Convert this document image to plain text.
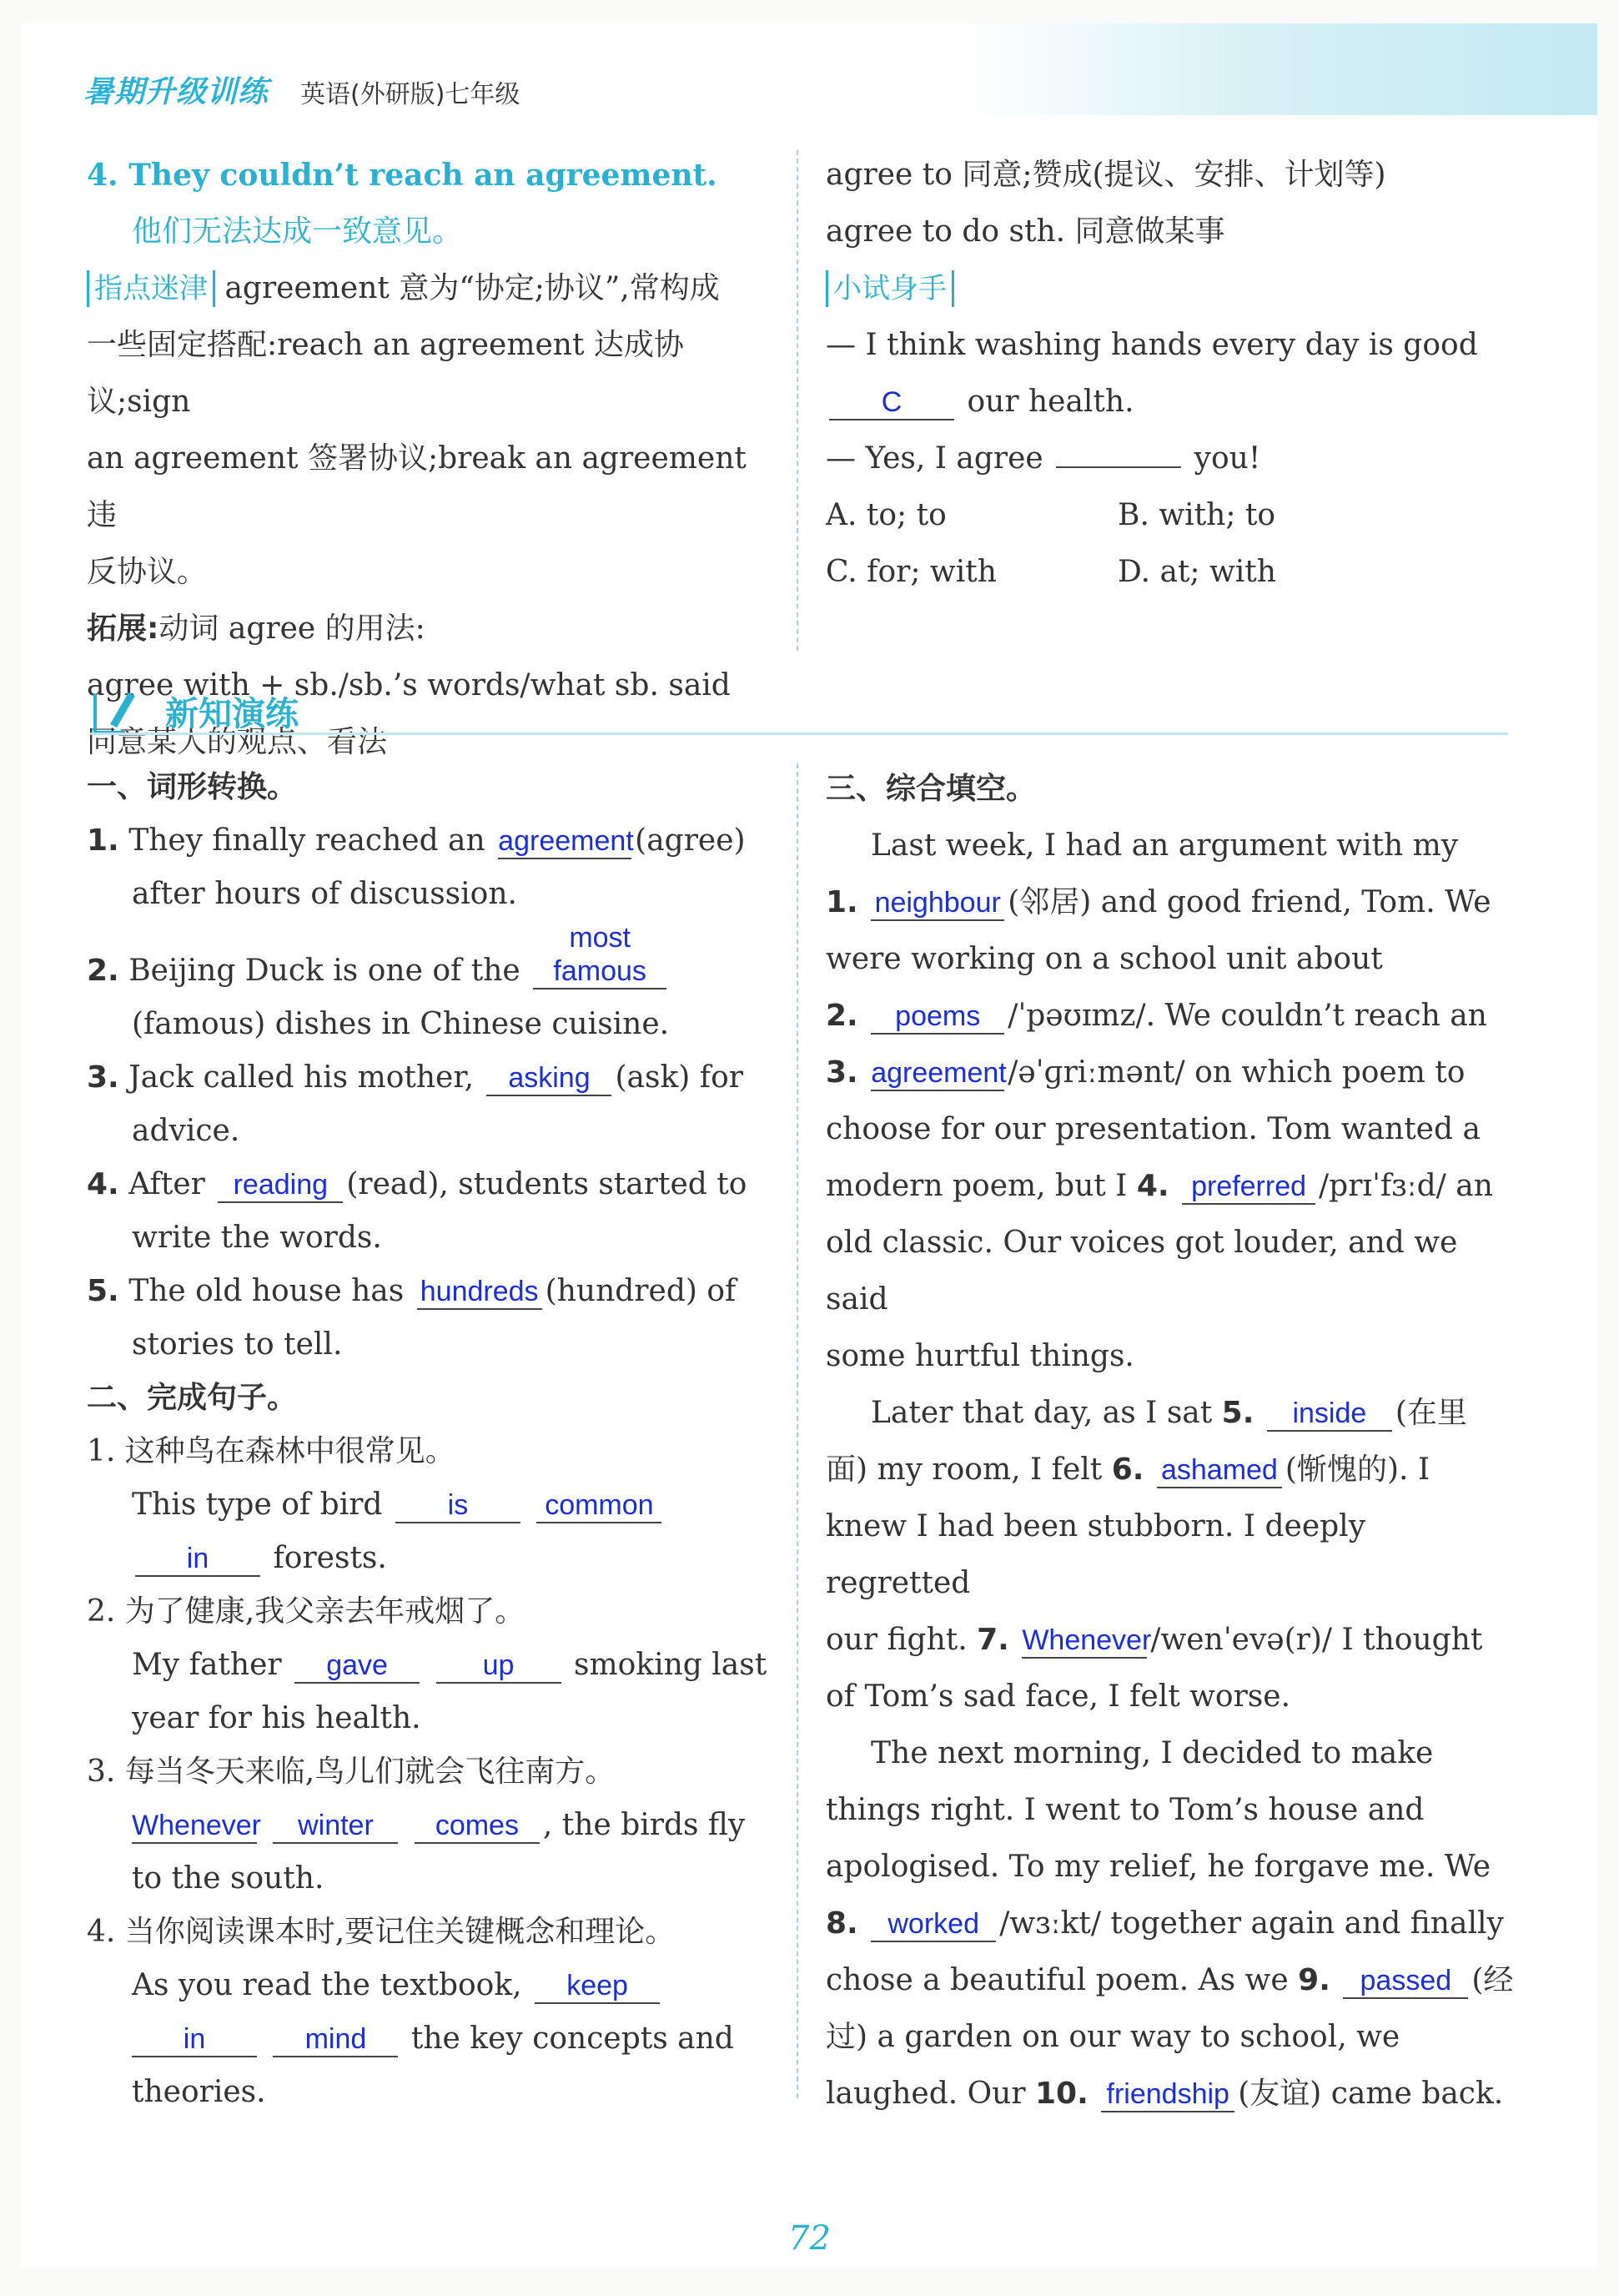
暑期升级训练 英语(外研版)七年级

4. They couldn’t reach an agreement.

他们无法达成一致意见。

指点迷津 agreement 意为“协定;协议”,常构成

一些固定搭配:reach an agreement 达成协议;sign

an agreement 签署协议;break an agreement 违

反协议。

拓展:动词 agree 的用法:

agree with + sb./sb.’s words/what sb. said

同意某人的观点、看法

agree to 同意;赞成(提议、安排、计划等)

agree to do sth. 同意做某事

小试身手

— I think washing hands every day is good

C our health.

— Yes, I agree	you!

A. to; to	B. with; to

C. for; with	D. at; with

新知演练

一、词形转换。

1. They finally reached an agreement(agree)

after hours of discussion.

2. Beijing Duck is one of the most famous

(famous) dishes in Chinese cuisine.

3. Jack called his mother, asking (ask) for

advice.

4. After reading (read), students started to

write the words.

5. The old house has hundreds (hundred) of

stories to tell.

二、完成句子。

1. 这种鸟在森林中很常见。

This type of bird is	common

in forests.

2. 为了健康,我父亲去年戒烟了。

My father gave	up smoking last

year for his health.

3. 每当冬天来临,鸟儿们就会飞往南方。

Whenever winter comes , the birds fly

to the south.

4. 当你阅读课本时,要记住关键概念和理论。

As you read the textbook, keep

in	mind the key concepts and

theories.

三、综合填空。

Last week, I had an argument with my

1. neighbour (邻居) and good friend, Tom. We

were working on a school unit about

2. poems /ˈpəʊɪmz/. We couldn’t reach an

3. agreement/əˈɡriːmənt/ on which poem to

choose for our presentation. Tom wanted a

modern poem, but I 4. preferred /prɪˈfɜːd/ an

old classic. Our voices got louder, and we said

some hurtful things.

Later that day, as I sat 5. inside (在里

面) my room, I felt 6. ashamed (惭愧的). I

knew I had been stubborn. I deeply regretted

our fight. 7. Whenever/wenˈevə(r)/ I thought

of Tom’s sad face, I felt worse.

The next morning, I decided to make

things right. I went to Tom’s house and

apologised. To my relief, he forgave me. We

8. worked /wɜːkt/ together again and finally

chose a beautiful poem. As we 9. passed (经

过) a garden on our way to school, we

laughed. Our 10. friendship (友谊) came back.

72
